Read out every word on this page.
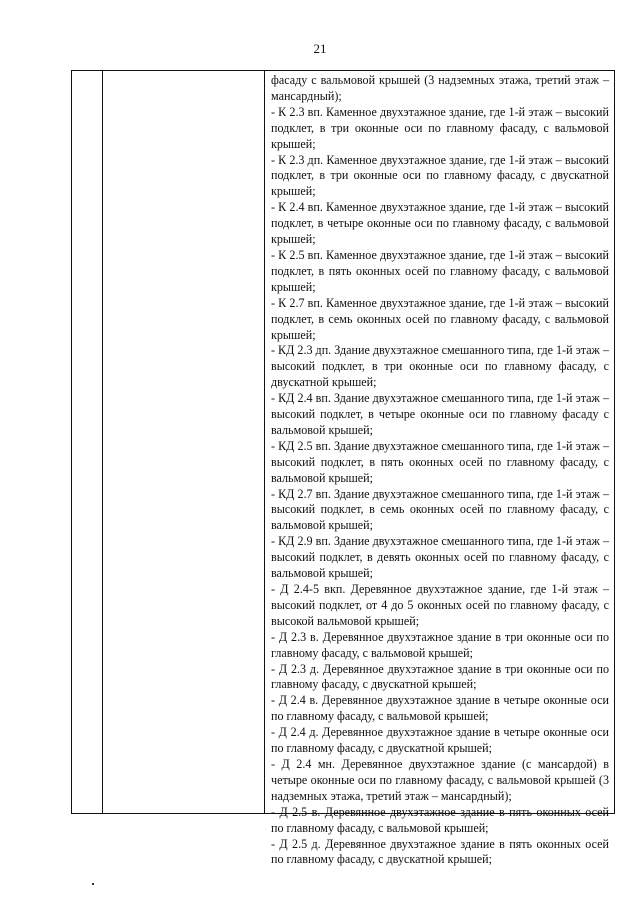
21

фасаду с вальмовой крышей (3 надземных этажа, третий этаж – мансардный);

- К 2.3 вп. Каменное двухэтажное здание, где 1-й этаж – высокий подклет, в три оконные оси по главному фасаду, с вальмовой крышей;

- К 2.3 дп. Каменное двухэтажное здание, где 1-й этаж – высокий подклет, в три оконные оси по главному фасаду, с двускатной крышей;

- К 2.4 вп. Каменное двухэтажное здание, где 1-й этаж – высокий подклет, в четыре оконные оси по главному фасаду, с вальмовой крышей;

- К 2.5 вп. Каменное двухэтажное здание, где 1-й этаж – высокий подклет, в пять оконных осей по главному фасаду, с вальмовой крышей;

- К 2.7 вп. Каменное двухэтажное здание, где 1-й этаж – высокий подклет, в семь оконных осей по главному фасаду, с вальмовой крышей;

- КД 2.3 дп. Здание двухэтажное смешанного типа, где 1-й этаж – высокий подклет, в три оконные оси по главному фасаду, с двускатной крышей;

- КД 2.4 вп. Здание двухэтажное смешанного типа, где 1-й этаж – высокий подклет, в четыре оконные оси по главному фасаду с вальмовой крышей;

- КД 2.5 вп. Здание двухэтажное смешанного типа, где 1-й этаж – высокий подклет, в пять оконных осей по главному фасаду, с вальмовой крышей;

- КД 2.7 вп. Здание двухэтажное смешанного типа, где 1-й этаж – высокий подклет, в семь оконных осей по главному фасаду, с вальмовой крышей;

- КД 2.9 вп. Здание двухэтажное смешанного типа, где 1-й этаж – высокий подклет, в девять оконных осей по главному фасаду, с вальмовой крышей;

- Д 2.4-5 вкп. Деревянное двухэтажное здание, где 1-й этаж – высокий подклет, от 4 до 5 оконных осей по главному фасаду, с высокой вальмовой крышей;

- Д 2.3 в. Деревянное двухэтажное здание в три оконные оси по главному фасаду, с вальмовой крышей;

- Д 2.3 д. Деревянное двухэтажное здание в три оконные оси по главному фасаду, с двускатной крышей;

- Д 2.4 в. Деревянное двухэтажное здание в четыре оконные оси по главному фасаду, с вальмовой крышей;

- Д 2.4 д. Деревянное двухэтажное здание в четыре оконные оси по главному фасаду, с двускатной крышей;

- Д 2.4 мн. Деревянное двухэтажное здание (с мансардой) в четыре оконные оси по главному фасаду, с вальмовой крышей (3 надземных этажа, третий этаж – мансардный);

- Д 2.5 в. Деревянное двухэтажное здание в пять оконных осей по главному фасаду, с вальмовой крышей;

- Д 2.5 д. Деревянное двухэтажное здание в пять оконных осей по главному фасаду, с двускатной крышей;
